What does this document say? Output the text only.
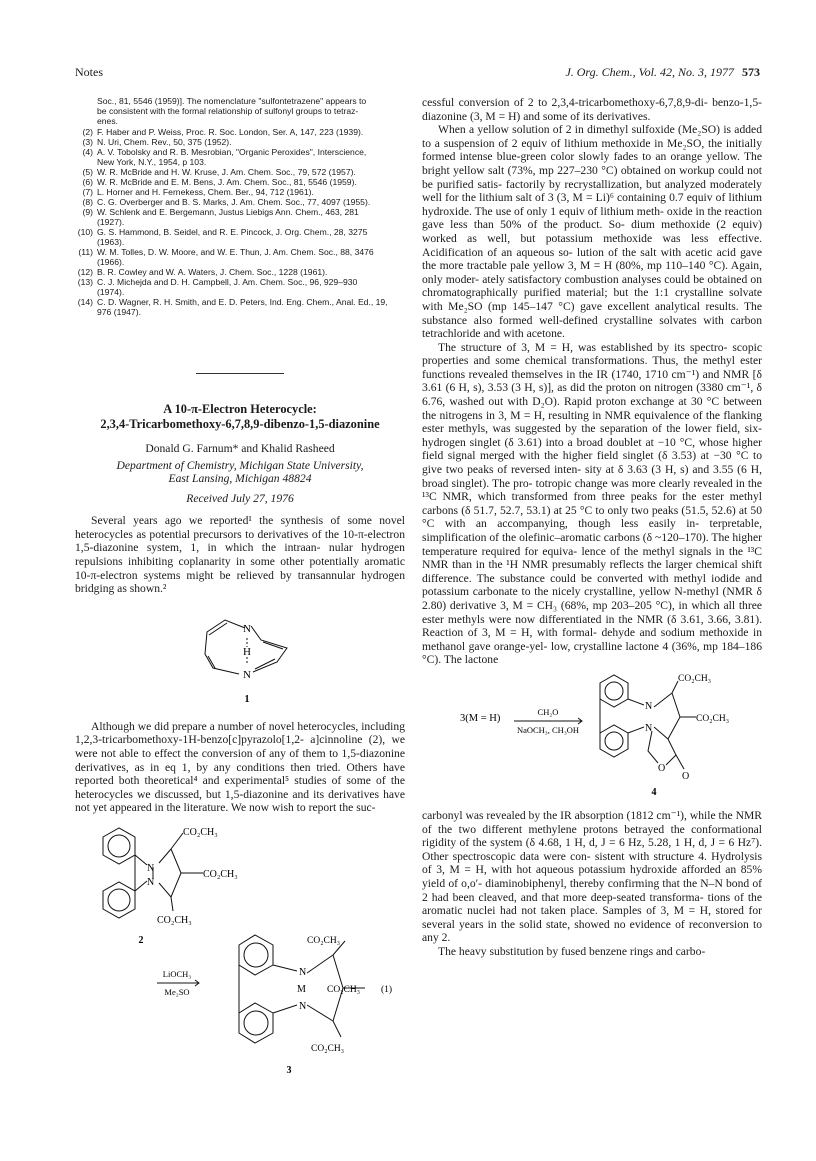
Notes	J. Org. Chem., Vol. 42, No. 3, 1977 573
Soc., 81, 5546 (1959)]. The nomenclature "sulfontetrazene" appears to
be consistent with the formal relationship of sulfonyl groups to tetraz-
enes.
(2) F. Haber and P. Weiss, Proc. R. Soc. London, Ser. A, 147, 223 (1939).
(3) N. Uri, Chem. Rev., 50, 375 (1952).
(4) A. V. Tobolsky and R. B. Mesrobian, "Organic Peroxides", Interscience,
New York, N.Y., 1954, p 103.
(5) W. R. McBride and H. W. Kruse, J. Am. Chem. Soc., 79, 572 (1957).
(6) W. R. McBride and E. M. Bens, J. Am. Chem. Soc., 81, 5546 (1959).
(7) L. Horner and H. Fernekess, Chem. Ber., 94, 712 (1961).
(8) C. G. Overberger and B. S. Marks, J. Am. Chem. Soc., 77, 4097 (1955).
(9) W. Schlenk and E. Bergemann, Justus Liebigs Ann. Chem., 463, 281
(1927).
(10) G. S. Hammond, B. Seidel, and R. E. Pincock, J. Org. Chem., 28, 3275
(1963).
(11) W. M. Tolles, D. W. Moore, and W. E. Thun, J. Am. Chem. Soc., 88, 3476
(1966).
(12) B. R. Cowley and W. A. Waters, J. Chem. Soc., 1228 (1961).
(13) C. J. Michejda and D. H. Campbell, J. Am. Chem. Soc., 96, 929–930
(1974).
(14) C. D. Wagner, R. H. Smith, and E. D. Peters, Ind. Eng. Chem., Anal. Ed., 19,
976 (1947).
A 10-π-Electron Heterocycle:
2,3,4-Tricarbomethoxy-6,7,8,9-dibenzo-1,5-diazonine
Donald G. Farnum* and Khalid Rasheed
Department of Chemistry, Michigan State University,
East Lansing, Michigan 48824
Received July 27, 1976
Several years ago we reported¹ the synthesis of some novel heterocycles as potential precursors to derivatives of the 10-π-electron 1,5-diazonine system, 1, in which the intraan- nular hydrogen repulsions inhibiting coplanarity in some other potentially aromatic 10-π-electron systems might be relieved by transannular hydrogen bridging as shown.²
N
H
N
1
Although we did prepare a number of novel heterocycles, including 1,2,3-tricarbomethoxy-1H-benzo[c]pyrazolo[1,2- a]cinnoline (2), we were not able to effect the conversion of any of them to 1,5-diazonine derivatives, as in eq 1, by any conditions then tried. Others have reported both theoretical⁴ and experimental⁵ studies of some of the heterocycles we discussed, but 1,5-diazonine and its derivatives have not yet appeared in the literature. We now wish to report the suc-
N
N
CO₂CH₃
CO₂CH₃
CO₂CH₃
2
LiOCH₃
Me₂SO
N
M
N
CO₂CH₃
CO₂CH₃ (1)
CO₂CH₃
3
cessful conversion of 2 to 2,3,4-tricarbomethoxy-6,7,8,9-di- benzo-1,5-diazonine (3, M = H) and some of its derivatives.
When a yellow solution of 2 in dimethyl sulfoxide (Me₂SO) is added to a suspension of 2 equiv of lithium methoxide in Me₂SO, the initially formed intense blue-green color slowly fades to an orange yellow. The bright yellow salt (73%, mp 227–230 °C) obtained on workup could not be purified satis- factorily by recrystallization, but analyzed moderately well for the lithium salt of 3 (3, M = Li)⁶ containing 0.7 equiv of lithium hydroxide. The use of only 1 equiv of lithium meth- oxide in the reaction gave less than 50% of the product. So- dium methoxide (2 equiv) worked as well, but potassium methoxide was less effective. Acidification of an aqueous so- lution of the salt with acetic acid gave the more tractable pale yellow 3, M = H (80%, mp 110–140 °C). Again, only moder- ately satisfactory combustion analyses could be obtained on chromatographically purified material; but the 1:1 crystalline solvate with Me₂SO (mp 145–147 °C) gave excellent analytical results. The substance also formed well-defined crystalline solvates with carbon tetrachloride and with acetone.
The structure of 3, M = H, was established by its spectro- scopic properties and some chemical transformations. Thus, the methyl ester functions revealed themselves in the IR (1740, 1710 cm⁻¹) and NMR [δ 3.61 (6 H, s), 3.53 (3 H, s)], as did the proton on nitrogen (3380 cm⁻¹, δ 6.76, washed out with D₂O). Rapid proton exchange at 30 °C between the nitrogens in 3, M = H, resulting in NMR equivalence of the flanking ester methyls, was suggested by the separation of the lower field, six-hydrogen singlet (δ 3.61) into a broad doublet at −10 °C, whose higher field signal merged with the higher field singlet (δ 3.53) at −30 °C to give two peaks of reversed inten- sity at δ 3.63 (3 H, s) and 3.55 (6 H, broad singlet). The pro- totropic change was more clearly revealed in the ¹³C NMR, which transformed from three peaks for the ester methyl carbons (δ 51.7, 52.7, 53.1) at 25 °C to only two peaks (51.5, 52.6) at 50 °C with an accompanying, though less easily in- terpretable, simplification of the olefinic–aromatic carbons (δ ~120–170). The higher temperature required for equiva- lence of the methyl signals in the ¹³C NMR than in the ¹H NMR presumably reflects the larger chemical shift difference. The substance could be converted with methyl iodide and potassium carbonate to the nicely crystalline, yellow N-methyl (NMR δ 2.80) derivative 3, M = CH₃ (68%, mp 203–205 °C), in which all three ester methyls were now differentiated in the NMR (δ 3.61, 3.66, 3.81). Reaction of 3, M = H, with formal- dehyde and sodium methoxide in methanol gave orange-yel- low, crystalline lactone 4 (36%, mp 184–186 °C). The lactone
3(M = H)
CH₂O
NaOCH₃, CH₃OH
N
N
O
O
CO₂CH₃
CO₂CH₃
4
carbonyl was revealed by the IR absorption (1812 cm⁻¹), while the NMR of the two different methylene protons betrayed the conformational rigidity of the system (δ 4.68, 1 H, d, J = 6 Hz, 5.28, 1 H, d, J = 6 Hz⁷). Other spectroscopic data were con- sistent with structure 4. Hydrolysis of 3, M = H, with hot aqueous potassium hydroxide afforded an 85% yield of o,o′- diaminobiphenyl, thereby confirming that the N–N bond of 2 had been cleaved, and that more deep-seated transforma- tions of the aromatic nuclei had not taken place. Samples of 3, M = H, stored for several years in the solid state, showed no evidence of reconversion to any 2.
The heavy substitution by fused benzene rings and carbo-
